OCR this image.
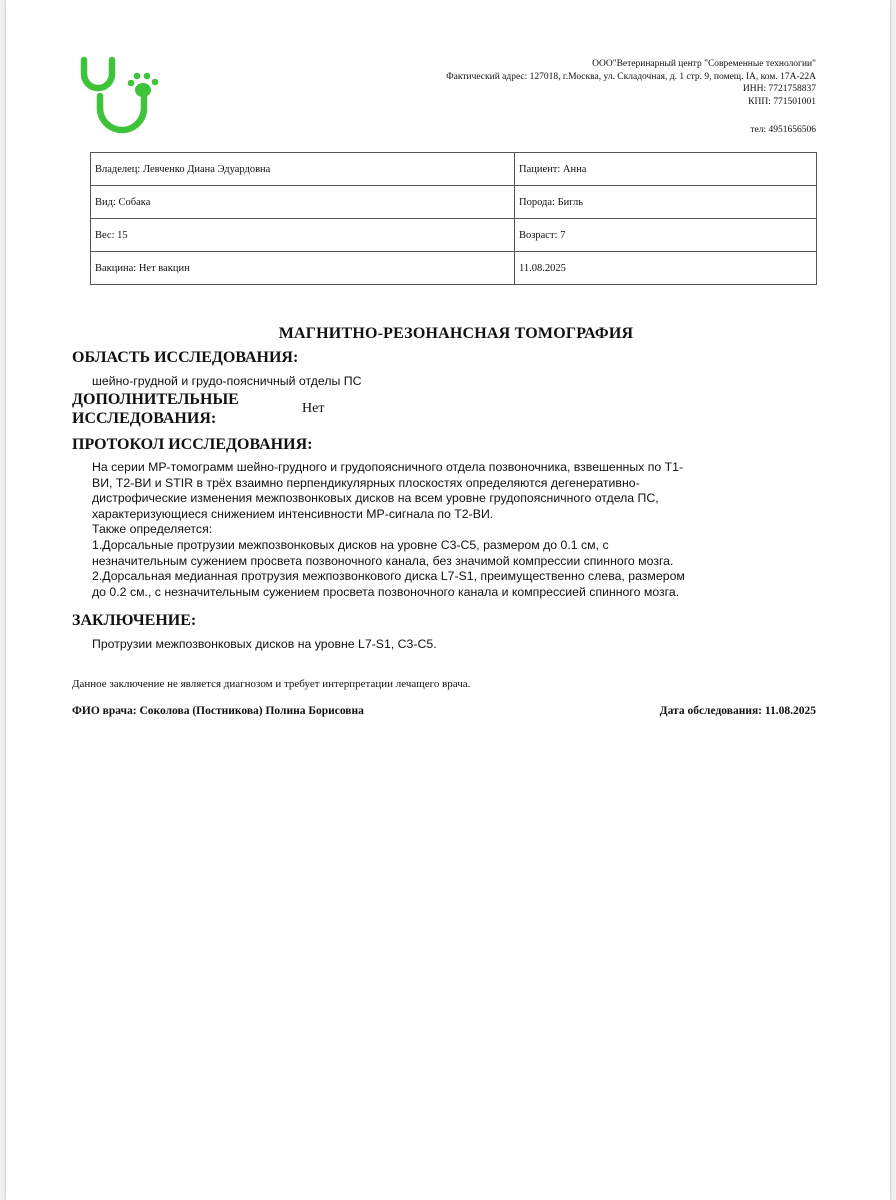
ООО"Ветеринарный центр "Современные технологии"
Фактический адрес: 127018, г.Москва, ул. Складочная, д. 1 стр. 9, помещ. IА, ком. 17А-22А
ИНН: 7721758837
КПП: 771501001
тел: 4951656506
Владелец: Левченко Диана Эдуардовна	Пациент: Анна
Вид: Собака	Порода: Бигль
Вес: 15	Возраст: 7
Вакцина: Нет вакцин	11.08.2025
МАГНИТНО-РЕЗОНАНСНАЯ ТОМОГРАФИЯ
ОБЛАСТЬ ИССЛЕДОВАНИЯ:
шейно-грудной и грудо-поясничный отделы ПС
ДОПОЛНИТЕЛЬНЫЕ
ИССЛЕДОВАНИЯ:
Нет
ПРОТОКОЛ ИССЛЕДОВАНИЯ:
На серии МР-томограмм шейно-грудного и грудопоясничного отдела позвоночника, взвешенных по Т1-
ВИ, Т2-ВИ и STIR в трёх взаимно перпендикулярных плоскостях определяются дегенеративно-
дистрофические изменения межпозвонковых дисков на всем уровне грудопоясничного отдела ПС,
характеризующиеся снижением интенсивности МР-сигнала по Т2-ВИ.
Также определяется:
1.Дорсальные протрузии межпозвонковых дисков на уровне С3-С5, размером до 0.1 см, с
незначительным сужением просвета позвоночного канала, без значимой компрессии спинного мозга.
2.Дорсальная медианная протрузия межпозвонкового диска L7-S1, преимущественно слева, размером
до 0.2 см., с незначительным сужением просвета позвоночного канала и компрессией спинного мозга.
ЗАКЛЮЧЕНИЕ:
Протрузии межпозвонковых дисков на уровне L7-S1, С3-С5.
Данное заключение не является диагнозом и требует интерпретации лечащего врача.
ФИО врача: Соколова (Постникова) Полина Борисовна	Дата обследования: 11.08.2025
